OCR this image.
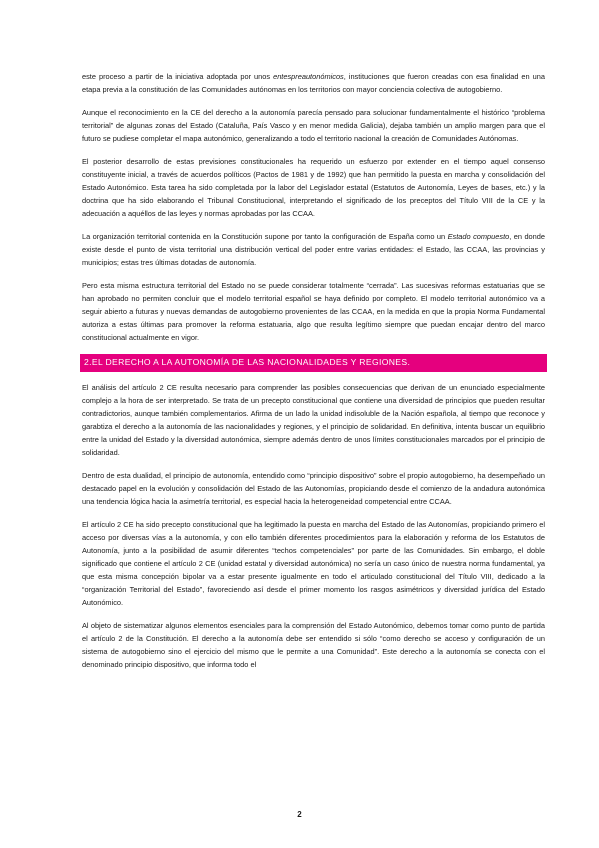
este proceso a partir de la iniciativa adoptada por unos entespreautonómicos, instituciones que fueron creadas con esa finalidad en una etapa previa a la constitución de las Comunidades autónomas en los territorios con mayor conciencia colectiva de autogobierno.

Aunque el reconocimiento en la CE del derecho a la autonomía parecía pensado para solucionar fundamentalmente el histórico “problema territorial” de algunas zonas del Estado (Cataluña, País Vasco y en menor medida Galicia), dejaba también un amplio margen para que el futuro se pudiese completar el mapa autonómico, generalizando a todo el territorio nacional la creación de Comunidades Autónomas.

El posterior desarrollo de estas previsiones constitucionales ha requerido un esfuerzo por extender en el tiempo aquel consenso constituyente inicial, a través de acuerdos políticos (Pactos de 1981 y de 1992) que han permitido la puesta en marcha y consolidación del Estado Autonómico. Esta tarea ha sido completada por la labor del Legislador estatal (Estatutos de Autonomía, Leyes de bases, etc.) y la doctrina que ha sido elaborando el Tribunal Constitucional, interpretando el significado de los preceptos del Título VIII de la CE y la adecuación a aquéllos de las leyes y normas aprobadas por las CCAA.

La organización territorial contenida en la Constitución supone por tanto la configuración de España como un Estado compuesto, en donde existe desde el punto de vista territorial una distribución vertical del poder entre varias entidades: el Estado, las CCAA, las provincias y municipios; estas tres últimas dotadas de autonomía.

Pero esta misma estructura territorial del Estado no se puede considerar totalmente “cerrada”. Las sucesivas reformas estatuarias que se han aprobado no permiten concluir que el modelo territorial español se haya definido por completo. El modelo territorial autonómico va a seguir abierto a futuras y nuevas demandas de autogobierno provenientes de las CCAA, en la medida en que la propia Norma Fundamental autoriza a estas últimas para promover la reforma estatuaria, algo que resulta legítimo siempre que puedan encajar dentro del marco constitucional actualmente en vigor.

2.EL DERECHO A LA AUTONOMÍA DE LAS NACIONALIDADES Y REGIONES.

El análisis del artículo 2 CE resulta necesario para comprender las posibles consecuencias que derivan de un enunciado especialmente complejo a la hora de ser interpretado. Se trata de un precepto constitucional que contiene una diversidad de principios que pueden resultar contradictorios, aunque también complementarios. Afirma de un lado la unidad indisoluble de la Nación española, al tiempo que reconoce y garabtiza el derecho a la autonomía de las nacionalidades y regiones, y el principio de solidaridad. En definitiva, intenta buscar un equilibrio entre la unidad del Estado y la diversidad autonómica, siempre además dentro de unos límites constitucionales marcados por el principio de solidaridad.

Dentro de esta dualidad, el principio de autonomía, entendido como “principio dispositivo” sobre el propio autogobierno, ha desempeñado un destacado papel en la evolución y consolidación del Estado de las Autonomías, propiciando desde el comienzo de la andadura autonómica una tendencia lógica hacia la asimetría territorial, es especial hacia la heterogeneidad competencial entre CCAA.

El artículo 2 CE ha sido precepto constitucional que ha legitimado la puesta en marcha del Estado de las Autonomías, propiciando primero el acceso por diversas vías a la autonomía, y con ello también diferentes procedimientos para la elaboración y reforma de los Estatutos de Autonomía, junto a la posibilidad de asumir diferentes “techos competenciales” por parte de las Comunidades. Sin embargo, el doble significado que contiene el artículo 2 CE (unidad estatal y diversidad autonómica) no sería un caso único de nuestra norma fundamental, ya que esta misma concepción bipolar va a estar presente igualmente en todo el articulado constitucional del Título VIII, dedicado a la “organización Territorial del Estado”, favoreciendo así desde el primer momento los rasgos asimétricos y diversidad jurídica del Estado Autonómico.

Al objeto de sistematizar algunos elementos esenciales para la comprensión del Estado Autonómico, debemos tomar como punto de partida el artículo 2 de la Constitución. El derecho a la autonomía debe ser entendido si sólo “como derecho se acceso y configuración de un sistema de autogobierno sino el ejercicio del mismo que le permite a una Comunidad”. Este derecho a la autonomía se conecta con el denominado principio dispositivo, que informa todo el

2
